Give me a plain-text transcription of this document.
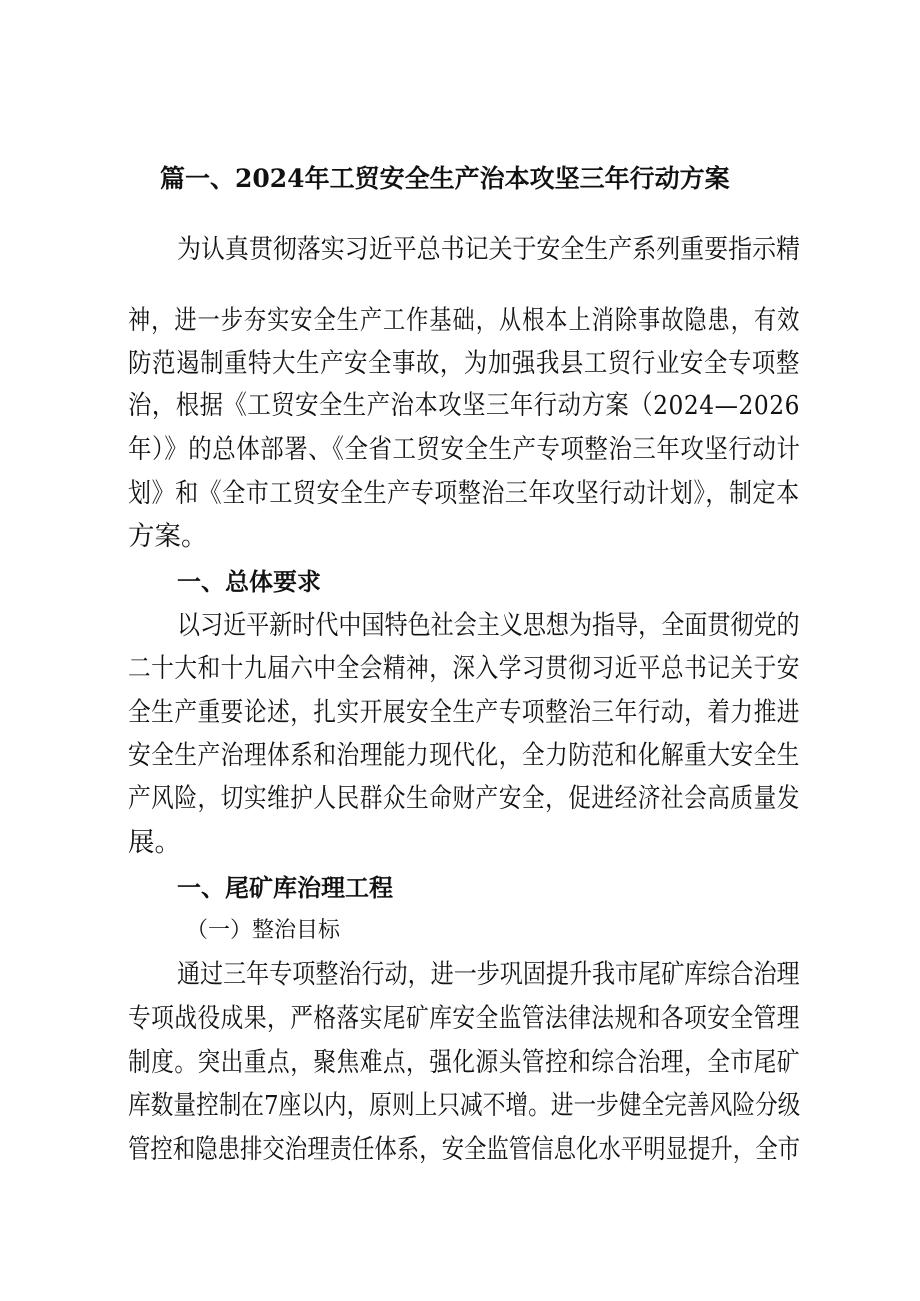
篇一、2024年工贸安全生产治本攻坚三年行动方案
为认真贯彻落实习近平总书记关于安全生产系列重要指示精
神，进一步夯实安全生产工作基础，从根本上消除事故隐患，有效
防范遏制重特大生产安全事故，为加强我县工贸行业安全专项整
治，根据《工贸安全生产治本攻坚三年行动方案（2024—2026
年）》的总体部署、《全省工贸安全生产专项整治三年攻坚行动计
划》和《全市工贸安全生产专项整治三年攻坚行动计划》，制定本
方案。
一、总体要求
以习近平新时代中国特色社会主义思想为指导，全面贯彻党的
二十大和十九届六中全会精神，深入学习贯彻习近平总书记关于安
全生产重要论述，扎实开展安全生产专项整治三年行动，着力推进
安全生产治理体系和治理能力现代化，全力防范和化解重大安全生
产风险，切实维护人民群众生命财产安全，促进经济社会高质量发
展。
一、尾矿库治理工程
（一）整治目标
通过三年专项整治行动，进一步巩固提升我市尾矿库综合治理
专项战役成果，严格落实尾矿库安全监管法律法规和各项安全管理
制度。突出重点，聚焦难点，强化源头管控和综合治理，全市尾矿
库数量控制在7座以内，原则上只减不增。进一步健全完善风险分级
管控和隐患排交治理责任体系，安全监管信息化水平明显提升，全市
